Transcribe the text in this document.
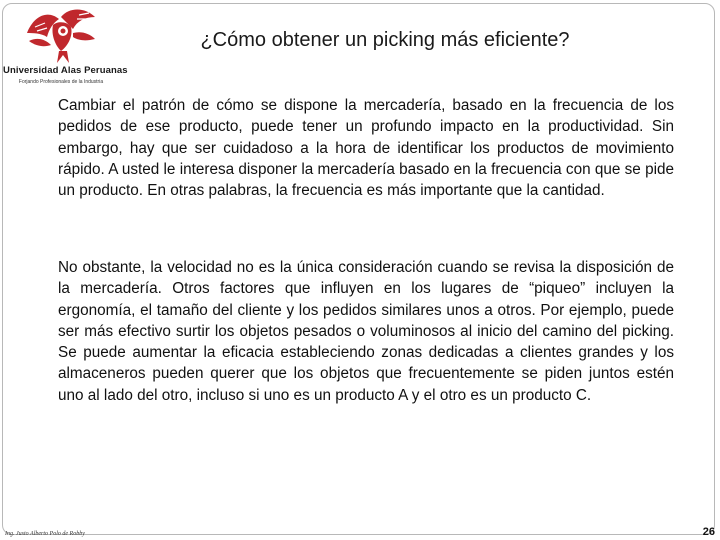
Universidad Alas Peruanas
Forjando Profesionales de la Industria
¿Cómo obtener un picking más eficiente?

Cambiar el patrón de cómo se dispone la mercadería, basado en la frecuencia de los pedidos de ese producto, puede tener un profundo impacto en la productividad. Sin embargo, hay que ser cuidadoso a la hora de identificar los productos de movimiento rápido. A usted le interesa disponer la mercadería basado en la frecuencia con que se pide un producto. En otras palabras, la frecuencia es más importante que la cantidad.

No obstante, la velocidad no es la única consideración cuando se revisa la disposición de la mercadería. Otros factores que influyen en los lugares de “piqueo” incluyen la ergonomía, el tamaño del cliente y los pedidos similares unos a otros. Por ejemplo, puede ser más efectivo surtir los objetos pesados o voluminosos al inicio del camino del picking. Se puede aumentar la eficacia estableciendo zonas dedicadas a clientes grandes y los almaceneros pueden querer que los objetos que frecuentemente se piden juntos estén uno al lado del otro, incluso si uno es un producto A y el otro es un producto C.

Ing. Justo Alberto Polo de Robby	26
